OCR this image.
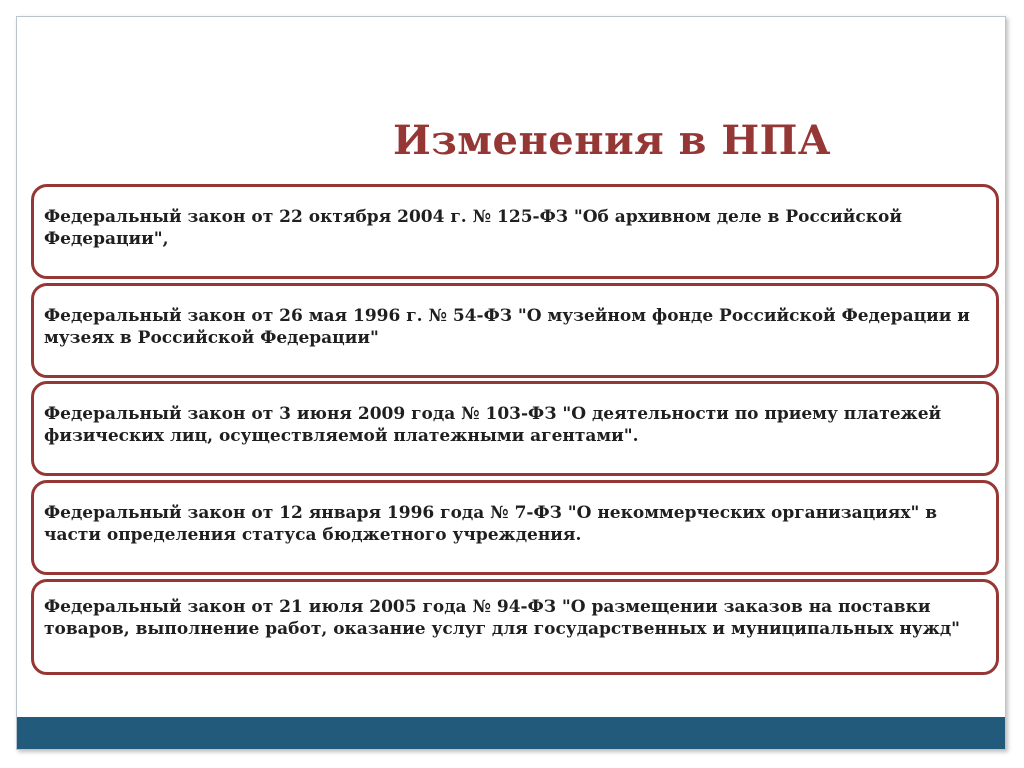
Изменения в НПА
Федеральный закон от 22 октября 2004 г. № 125-ФЗ "Об архивном деле в Российской Федерации",
Федеральный закон от 26 мая 1996 г. № 54-ФЗ "О музейном фонде Российской Федерации и музеях в Российской Федерации"
Федеральный закон от 3 июня 2009 года № 103-ФЗ "О деятельности по приему платежей физических лиц, осуществляемой платежными агентами".
Федеральный закон от 12 января 1996 года № 7-ФЗ "О некоммерческих организациях" в части определения статуса бюджетного учреждения.
Федеральный закон от 21 июля 2005 года № 94-ФЗ "О размещении заказов на поставки товаров, выполнение работ, оказание услуг для государственных и муниципальных нужд"
